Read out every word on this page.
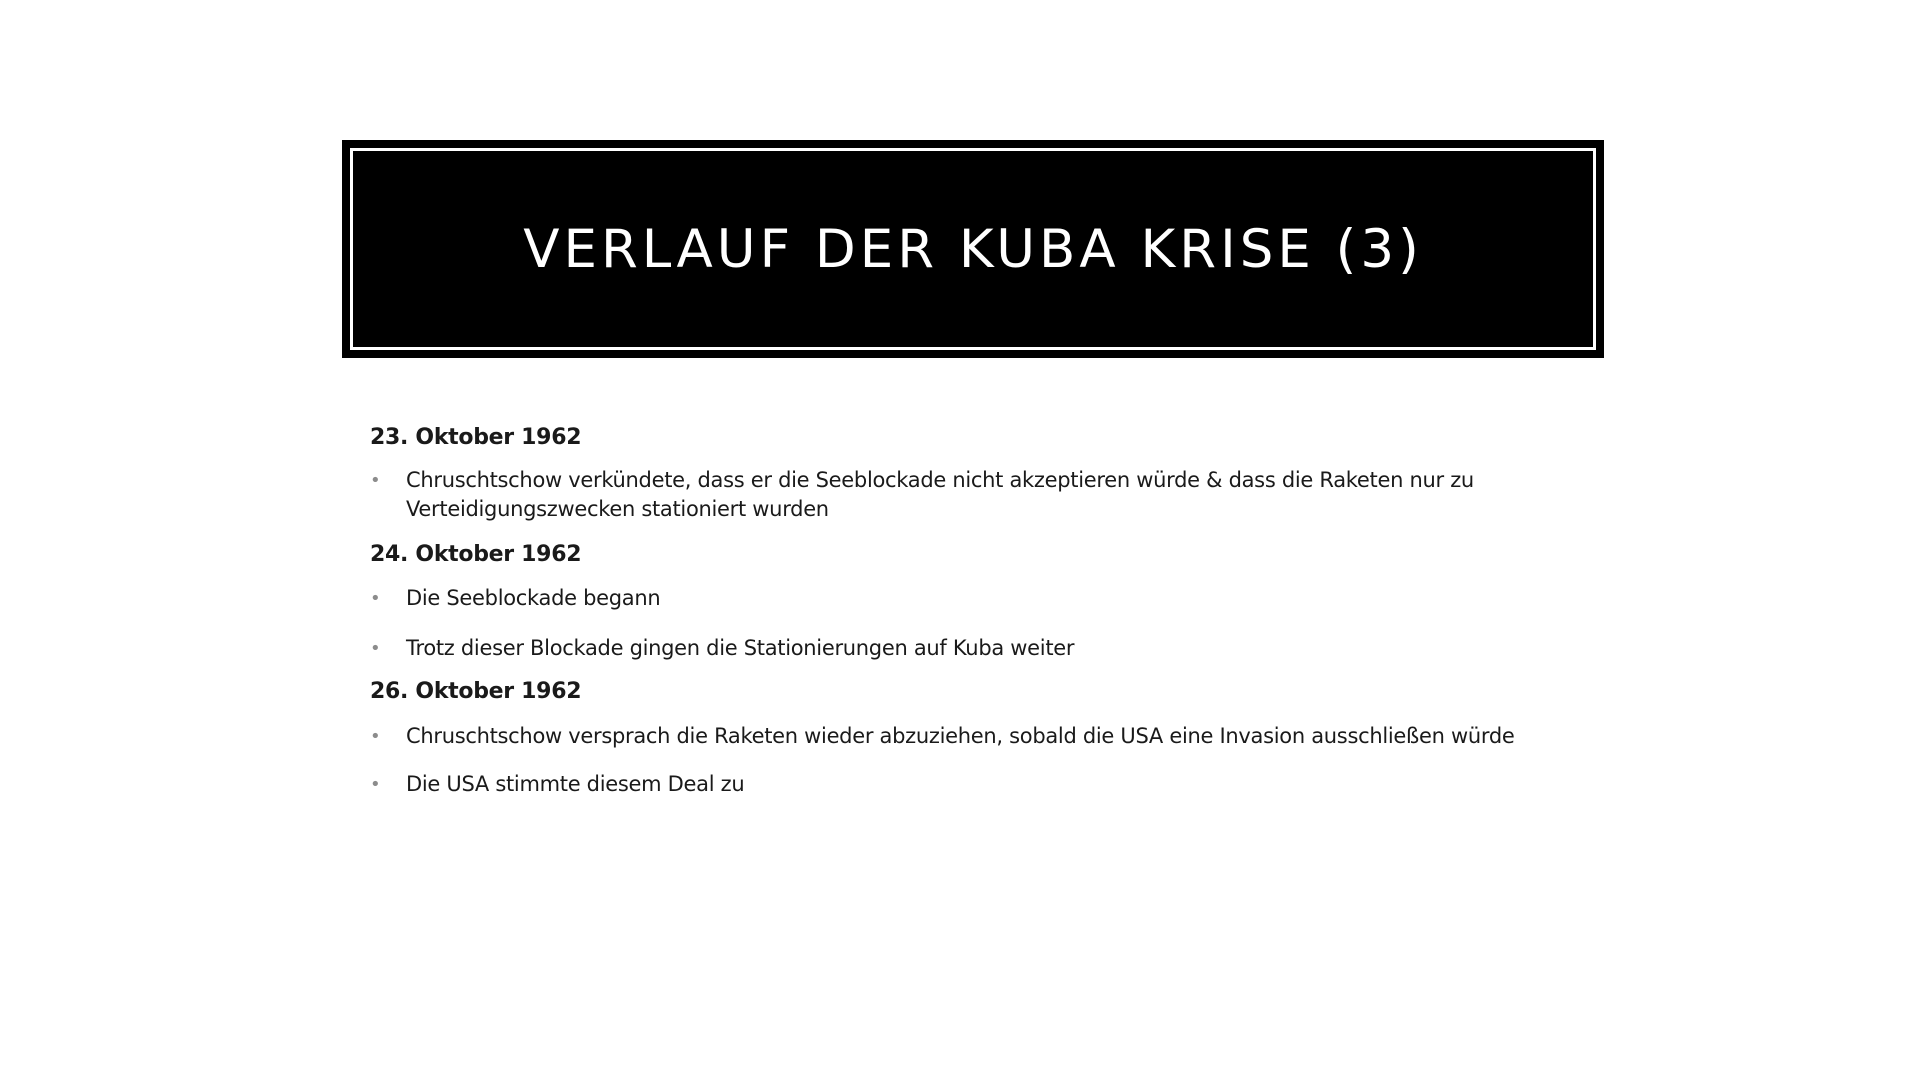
VERLAUF DER KUBA KRISE (3)

23. Oktober 1962

• Chruschtschow verkündete, dass er die Seeblockade nicht akzeptieren würde & dass die Raketen nur zu Verteidigungszwecken stationiert wurden

24. Oktober 1962

• Die Seeblockade begann
• Trotz dieser Blockade gingen die Stationierungen auf Kuba weiter

26. Oktober 1962

• Chruschtschow versprach die Raketen wieder abzuziehen, sobald die USA eine Invasion ausschließen würde
• Die USA stimmte diesem Deal zu
